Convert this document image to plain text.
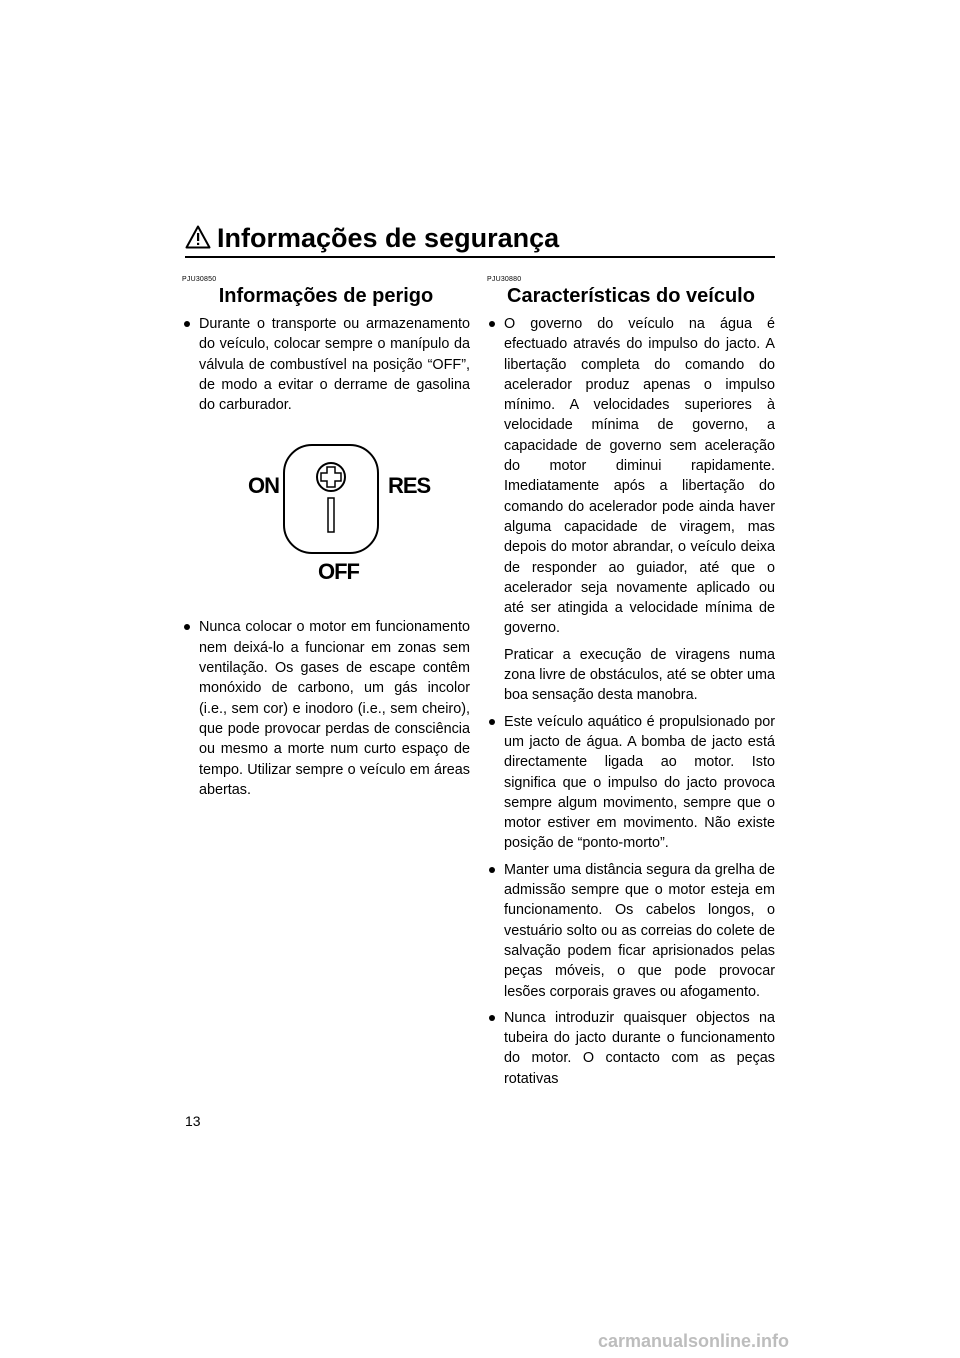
Informações de segurança
PJU30850
Informações de perigo
Durante o transporte ou armazenamento do veículo, colocar sempre o manípulo da válvula de combustível na posição “OFF”, de modo a evitar o derrame de gasolina do carburador.
ON	RES
OFF
Nunca colocar o motor em funcionamento nem deixá-lo a funcionar em zonas sem ventilação. Os gases de escape contêm monóxido de carbono, um gás incolor (i.e., sem cor) e inodoro (i.e., sem cheiro), que pode provocar perdas de consciência ou mesmo a morte num curto espaço de tempo. Utilizar sempre o veículo em áreas abertas.
PJU30880
Características do veículo
O governo do veículo na água é efectuado através do impulso do jacto. A libertação completa do comando do acelerador produz apenas o impulso mínimo. A velocidades superiores à velocidade mínima de governo, a capacidade de governo sem aceleração do motor diminui rapidamente. Imediatamente após a libertação do comando do acelerador pode ainda haver alguma capacidade de viragem, mas depois do motor abrandar, o veículo deixa de responder ao guiador, até que o acelerador seja novamente aplicado ou até ser atingida a velocidade mínima de governo.
Praticar a execução de viragens numa zona livre de obstáculos, até se obter uma boa sensação desta manobra.
Este veículo aquático é propulsionado por um jacto de água. A bomba de jacto está directamente ligada ao motor. Isto significa que o impulso do jacto provoca sempre algum movimento, sempre que o motor estiver em movimento. Não existe posição de “ponto-morto”.
Manter uma distância segura da grelha de admissão sempre que o motor esteja em funcionamento. Os cabelos longos, o vestuário solto ou as correias do colete de salvação podem ficar aprisionados pelas peças móveis, o que pode provocar lesões corporais graves ou afogamento.
Nunca introduzir quaisquer objectos na tubeira do jacto durante o funcionamento do motor. O contacto com as peças rotativas
13
carmanualsonline.info
